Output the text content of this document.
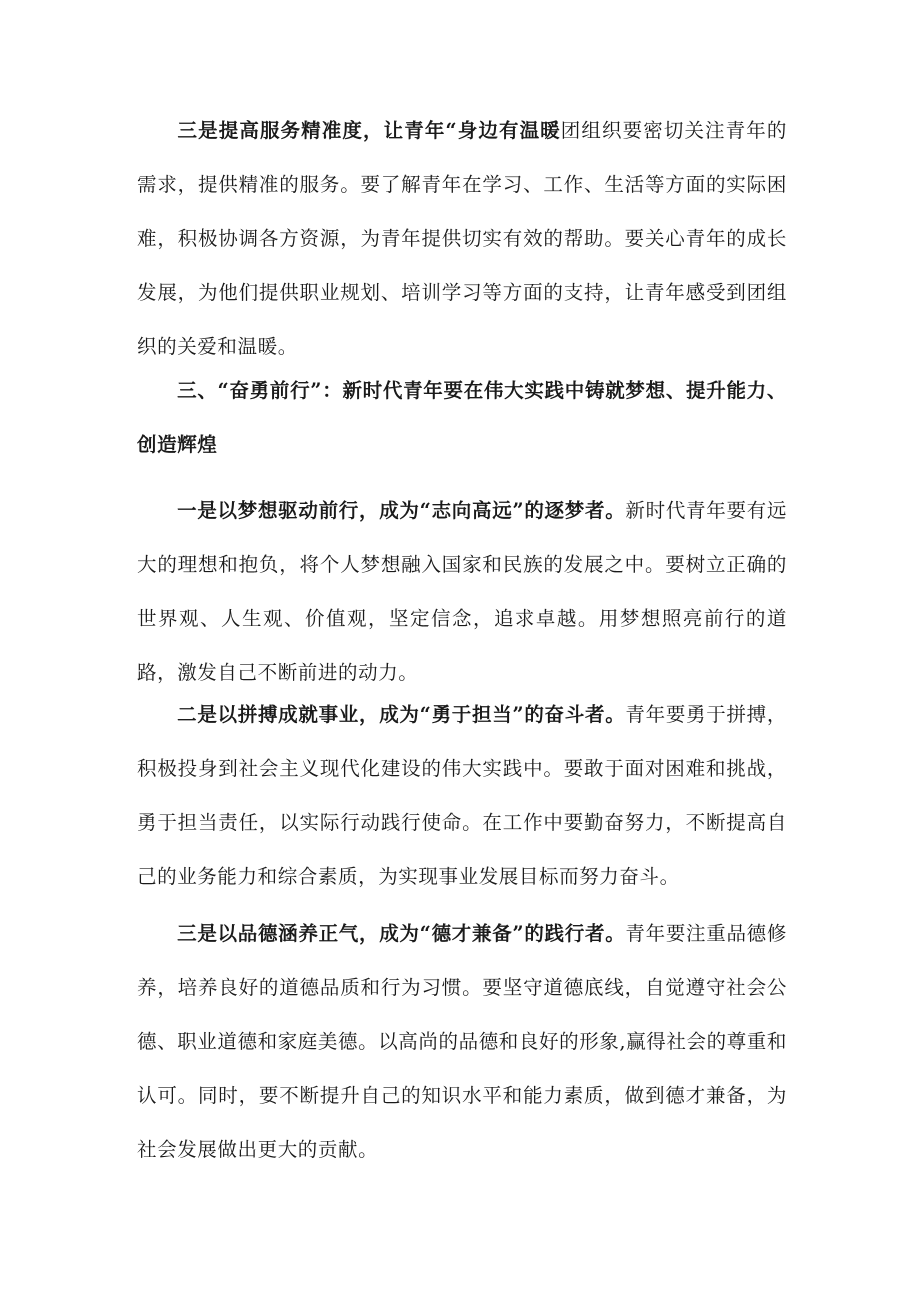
三是提高服务精准度，让青年“身边有温暖团组织要密切关注青年的需求，提供精准的服务。要了解青年在学习、工作、生活等方面的实际困难，积极协调各方资源，为青年提供切实有效的帮助。要关心青年的成长发展，为他们提供职业规划、培训学习等方面的支持，让青年感受到团组织的关爱和温暖。

三、“奋勇前行”：新时代青年要在伟大实践中铸就梦想、提升能力、创造辉煌

一是以梦想驱动前行，成为“志向高远”的逐梦者。新时代青年要有远大的理想和抱负，将个人梦想融入国家和民族的发展之中。要树立正确的世界观、人生观、价值观，坚定信念，追求卓越。用梦想照亮前行的道路，激发自己不断前进的动力。

二是以拼搏成就事业，成为“勇于担当”的奋斗者。青年要勇于拼搏，积极投身到社会主义现代化建设的伟大实践中。要敢于面对困难和挑战，勇于担当责任，以实际行动践行使命。在工作中要勤奋努力，不断提高自己的业务能力和综合素质，为实现事业发展目标而努力奋斗。

三是以品德涵养正气，成为“德才兼备”的践行者。青年要注重品德修养，培养良好的道德品质和行为习惯。要坚守道德底线，自觉遵守社会公德、职业道德和家庭美德。以高尚的品德和良好的形象,赢得社会的尊重和认可。同时，要不断提升自己的知识水平和能力素质，做到德才兼备，为社会发展做出更大的贡献。
